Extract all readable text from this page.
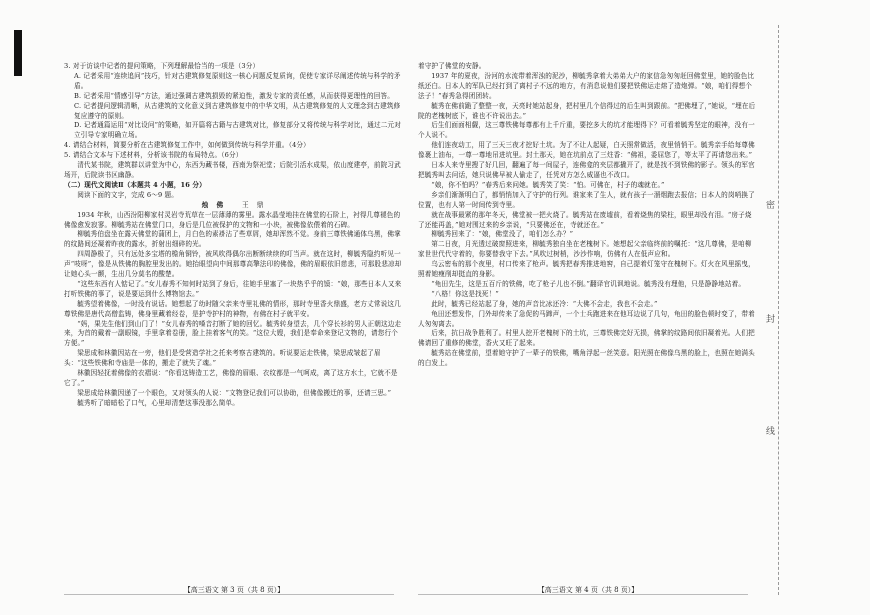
密
封
线

3. 对于访谈中记者的提问策略，下列理解最恰当的一项是（3分）

A. 记者采用“连续追问”技巧，针对古建筑修复原则这一核心问题反复质询，促使专家详尽阐述传统与科学的矛盾。

B. 记者采用“情感引导”方法，通过强调古建筑损毁的紧迫性，激发专家的责任感，从而获得更理性的回答。

C. 记者提问逻辑清晰，从古建筑的文化意义到古建筑修复中的中华文明，从古建筑修复的人文理念到古建筑修复应遵守的原则。

D. 记者通篇运用“对比设问”的策略，如开篇将古籍与古建筑对比，修复部分又将传统与科学对比，通过二元对立引导专家明确立场。

4. 请结合材料，简要分析在古建筑修复工作中，如何做到传统与科学并重。（4分）

5. 请结合文本与下述材料，分析该书院的布局特点。（6分）

清代某书院，建筑群以讲堂为中心，东西为藏书楼，西南为祭祀堂；后院引活水成渠，依山度建亭，前院习武场开，后院读书区幽静。

（二）现代文阅读Ⅱ（本题共 4 小题，16 分）

阅读下面的文字，完成 6～9 题。

烛 佛 王 鼎

1934 年秋，山西汾阳柳家村灵岩寺荒草在一层薄薄的雾里。露水晶莹地挂在佛堂的石阶上，衬得几尊褪色的佛像愈发寂寥。柳毓秀站在佛堂门口，身后是几位被保护的文物和一小块，被佛像依偎着的石碑。

柳毓秀伯盘坐在露天佛堂的蒲团上，月白色的素褂沾了些草屑，她却浑然不觉。身前三尊铁佛通体乌黑，佛掌的纹路间还凝着昨夜的露水，折射出细碎的光。

四周静极了，只有远处多宝塔的檐角铜铃，被风吹得偶尔出断断续续的叮当声。就在这时，柳毓秀隐约听见一声“吱呀”，像是从铁佛的胸腔里发出的。她抬眼望向中间那尊高擎法印的佛像，佛的眉眼依旧慈悲，可那股悲凉却让她心头一颤，生出几分莫名的酸楚。

“这些东西有人惦记了。”女儿春秀不知何时站到了身后，往她手里塞了一块热乎乎的馍：“娘，那些日本人又来打听铁佛的事了，说是要运到什么博物馆去。”

毓秀望着佛像，一时没有说话。她想起了幼时随父亲来寺里礼佛的情形，那时寺里香火鼎盛，老方丈常说这几尊铁佛是唐代高僧监铸，佛身里藏着经卷，是护寺护村的神物，有佛在村子就平安。

“妈，果先生他们到山门了！”女儿春秀的嗓音打断了她的回忆。毓秀转身望去，几个穿长衫的男人正朝这边走来，为首的戴着一副眼镜，手里拿着卷册，脸上挂着客气的笑。“这位大嫂，我们是奉命来登记文物的，请您行个方便。”

梁思成和林徽因站在一旁，他们是受营造学社之托来考察古建筑的。听说要运走铁佛，梁思成皱起了眉头：“这些铁佛和寺庙是一体的，搬走了就失了魂。”

林徽因轻抚着佛像的衣褶说：“你看这铸造工艺，佛像的眉眼、衣纹都是一气呵成，离了这方水土，它就不是它了。”

梁思成给林徽因递了一个眼色，又对领头的人说：“文物登记我们可以协助，但佛像搬迁的事，还请三思。”

毓秀听了暗暗松了口气，心里却清楚这事没那么简单。

着守护了佛堂的安静。

1937 年的夏夜，汾河的水流带着浑浊的泥沙，柳毓秀拿着大弟弟大户的家信急匆匆赶回佛堂里，她的脸色比纸还白。日本人的军队已经打到了离村子不远的地方，有消息说他们要把铁佛运走熔了造炮弹。“娘，咱们得想个法子！”春秀急得团团转。

毓秀在佛前跪了整整一夜，天亮时她站起身，把村里几个信得过的后生叫到跟前。“把佛埋了，”她说，“埋在后院的老槐树底下，谁也不许说出去。”

后生们面面相觑，这三尊铁佛每尊都有上千斤重，要挖多大的坑才能埋得下？可看着毓秀坚定的眼神，没有一个人说不。

他们连夜动工，用了三天三夜才挖好土坑。为了不让人起疑，白天照常做活，夜里悄悄干。毓秀亲手给每尊佛像裹上油布，一尊一尊地吊进坑里。封土那天，她在坑前点了三炷香：“佛祖，委屈您了，等太平了再请您出来。”

日本人来寺里搜了好几回，翻遍了每一间屋子，连佛龛的夹层都撬开了，就是找不到铁佛的影子。领头的军官把毓秀叫去问话，她只说佛早被人偷走了，任凭对方怎么威逼也不改口。

“娘，你不怕吗？”春秀后来问她。毓秀笑了笑：“怕。可佛在，村子的魂就在。”

乡亲们渐渐明白了，都悄悄加入了守护的行列。谁家来了生人，就有孩子一溜烟跑去报信；日本人的岗哨换了位置，也有人第一时间传到寺里。

就在战事最紧的那年冬天，佛堂被一把火烧了。毓秀站在废墟前，看着烧焦的梁柱，眼里却没有泪。“房子烧了还能再盖，”她对围过来的乡亲说，“只要佛还在，寺就还在。”

柳毓秀回来了：“娘，佛堂没了，咱们怎么办？”

第二日夜，月光透过破窗照进来，柳毓秀独自坐在老槐树下。她想起父亲临终前的嘱托：“这几尊佛，是咱柳家世世代代守着的，你要替我守下去。”风吹过树梢，沙沙作响，仿佛有人在低声应和。

乌云密布的那个夜里，村口传来了枪声。毓秀把春秀推进地窖，自己提着灯笼守在槐树下。灯火在风里摇曳，照着她瘦削却挺直的身影。

“龟田先生，这是五百斤的铁佛，吃了枪子儿也不倒。”翻译官讥讽地说。毓秀没有理他，只是静静地站着。

“八格！你这是找死！”

此时，毓秀已经站起了身，她的声音比冰还冷：“大佛不会走，我也不会走。”

龟田还想发作，门外却传来了急促的马蹄声，一个士兵跑进来在他耳边说了几句，龟田的脸色顿时变了，带着人匆匆离去。

后来，抗日战争胜利了。村里人挖开老槐树下的土坑，三尊铁佛完好无损，佛掌的纹路间依旧凝着光。人们把佛请回了重修的佛堂，香火又旺了起来。

毓秀站在佛堂前，望着她守护了一辈子的铁佛，嘴角浮起一丝笑意。阳光照在佛像乌黑的脸上，也照在她满头的白发上。

【高三语文 第 3 页（共 8 页）】	【高三语文 第 4 页（共 8 页）】
